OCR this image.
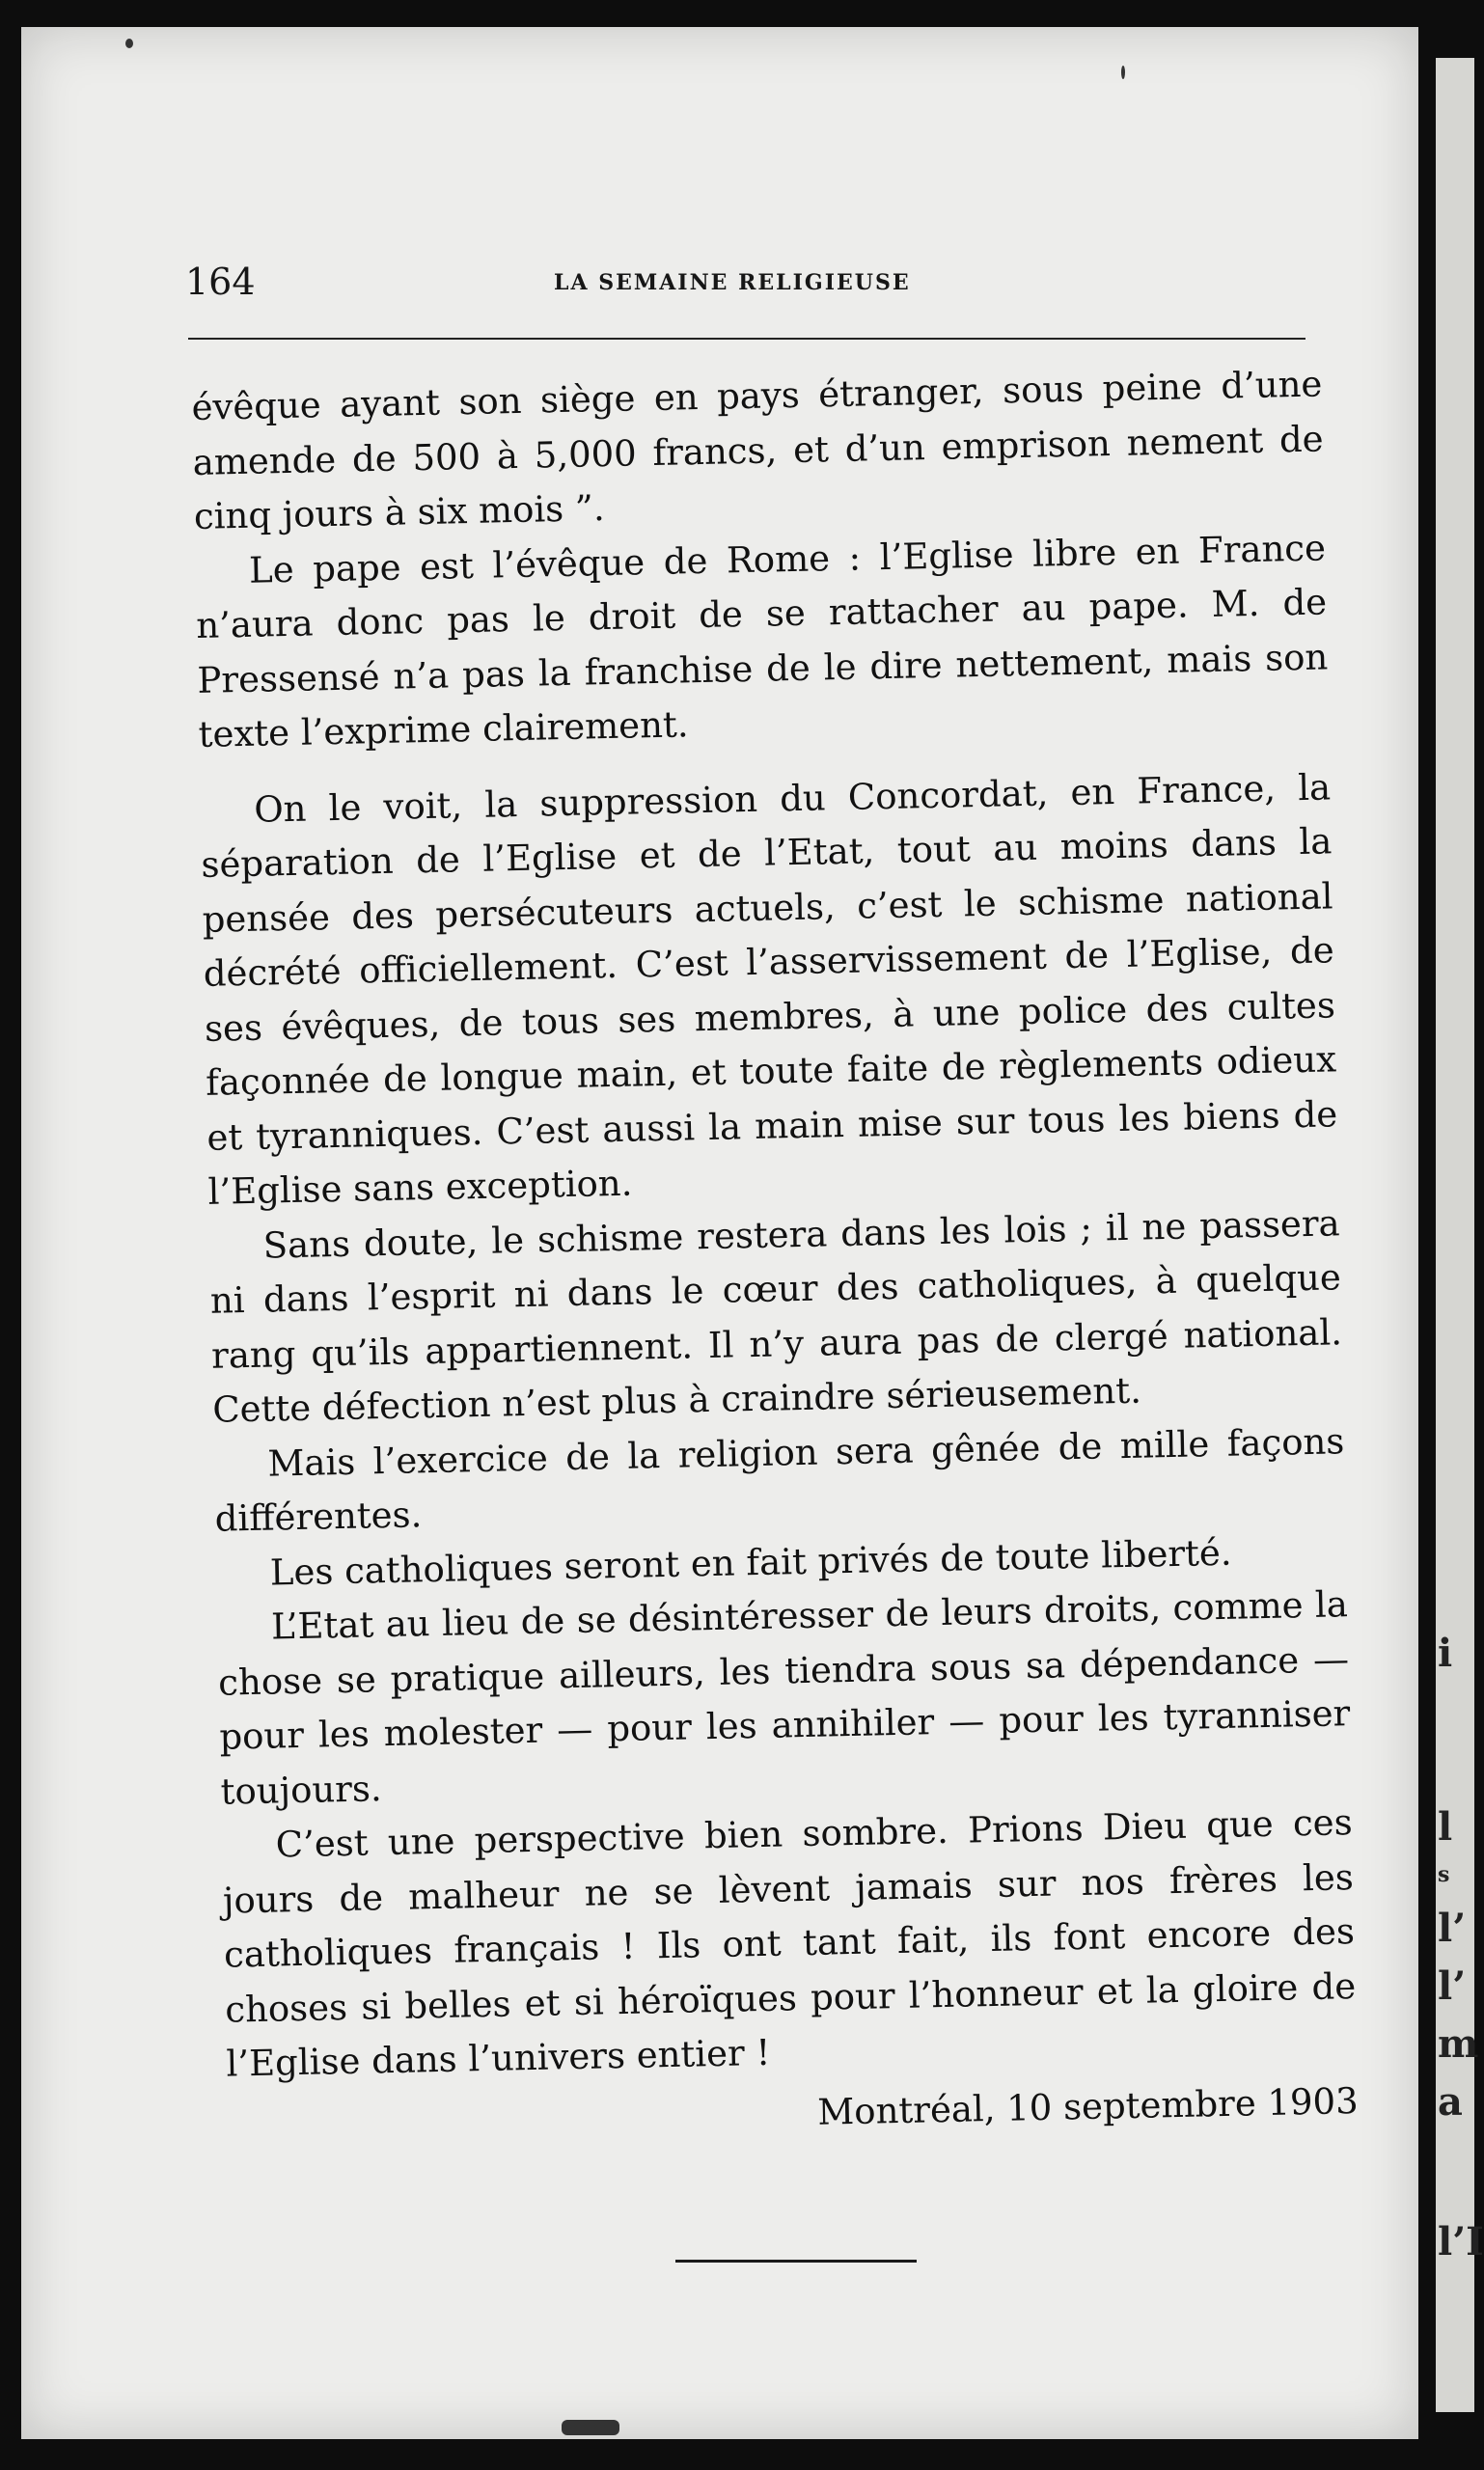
i
l
s
l’
l’
m
a
l’I
164	LA SEMAINE RELIGIEUSE

évêque ayant son siège en pays étranger, sous peine d’une amende de 500 à 5,000 francs, et d’un emprison nement de cinq jours à six mois ”.

Le pape est l’évêque de Rome : l’Eglise libre en France n’aura donc pas le droit de se rattacher au pape. M. de Pressensé n’a pas la franchise de le dire nettement, mais son texte l’exprime clairement.

On le voit, la suppression du Concordat, en France, la séparation de l’Eglise et de l’Etat, tout au moins dans la pensée des persécuteurs actuels, c’est le schisme national décrété officiellement. C’est l’asservissement de l’Eglise, de ses évêques, de tous ses membres, à une police des cultes façonnée de longue main, et toute faite de règlements odieux et tyranniques. C’est aussi la main mise sur tous les biens de l’Eglise sans exception.

Sans doute, le schisme restera dans les lois ; il ne passera ni dans l’esprit ni dans le cœur des catholiques, à quelque rang qu’ils appartiennent. Il n’y aura pas de clergé national. Cette défection n’est plus à craindre sérieusement.

Mais l’exercice de la religion sera gênée de mille façons différentes.

Les catholiques seront en fait privés de toute liberté.

L’Etat au lieu de se désintéresser de leurs droits, comme la chose se pratique ailleurs, les tiendra sous sa dépendance — pour les molester — pour les annihiler — pour les tyranniser toujours.

C’est une perspective bien sombre. Prions Dieu que ces jours de malheur ne se lèvent jamais sur nos frères les catholiques français ! Ils ont tant fait, ils font encore des choses si belles et si héroïques pour l’honneur et la gloire de l’Eglise dans l’univers entier !

Montréal, 10 septembre 1903
